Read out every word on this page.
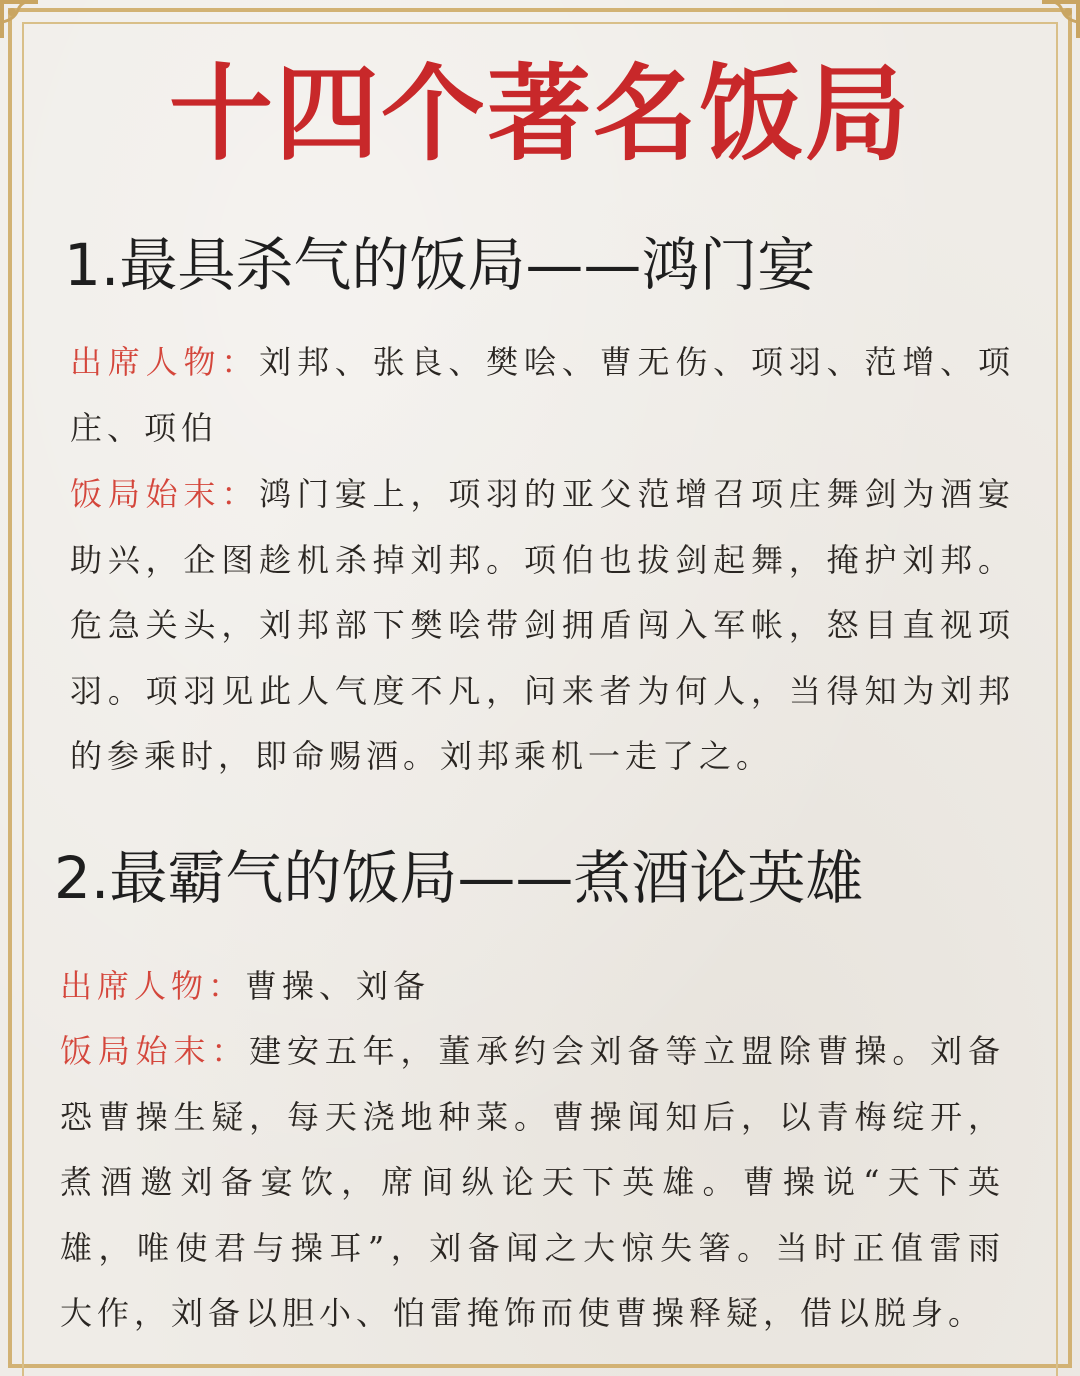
十四个著名饭局
1.最具杀气的饭局——鸿门宴
出席人物：刘邦、张良、樊哙、曹无伤、项羽、范增、项庄、项伯
饭局始末：鸿门宴上，项羽的亚父范增召项庄舞剑为酒宴助兴，企图趁机杀掉刘邦。项伯也拔剑起舞，掩护刘邦。危急关头，刘邦部下樊哙带剑拥盾闯入军帐，怒目直视项羽。项羽见此人气度不凡，问来者为何人，当得知为刘邦的参乘时，即命赐酒。刘邦乘机一走了之。
2.最霸气的饭局——煮酒论英雄
出席人物：曹操、刘备
饭局始末：建安五年，董承约会刘备等立盟除曹操。刘备恐曹操生疑，每天浇地种菜。曹操闻知后，以青梅绽开，煮酒邀刘备宴饮，席间纵论天下英雄。曹操说“天下英雄，唯使君与操耳”，刘备闻之大惊失箸。当时正值雷雨大作，刘备以胆小、怕雷掩饰而使曹操释疑，借以脱身。
